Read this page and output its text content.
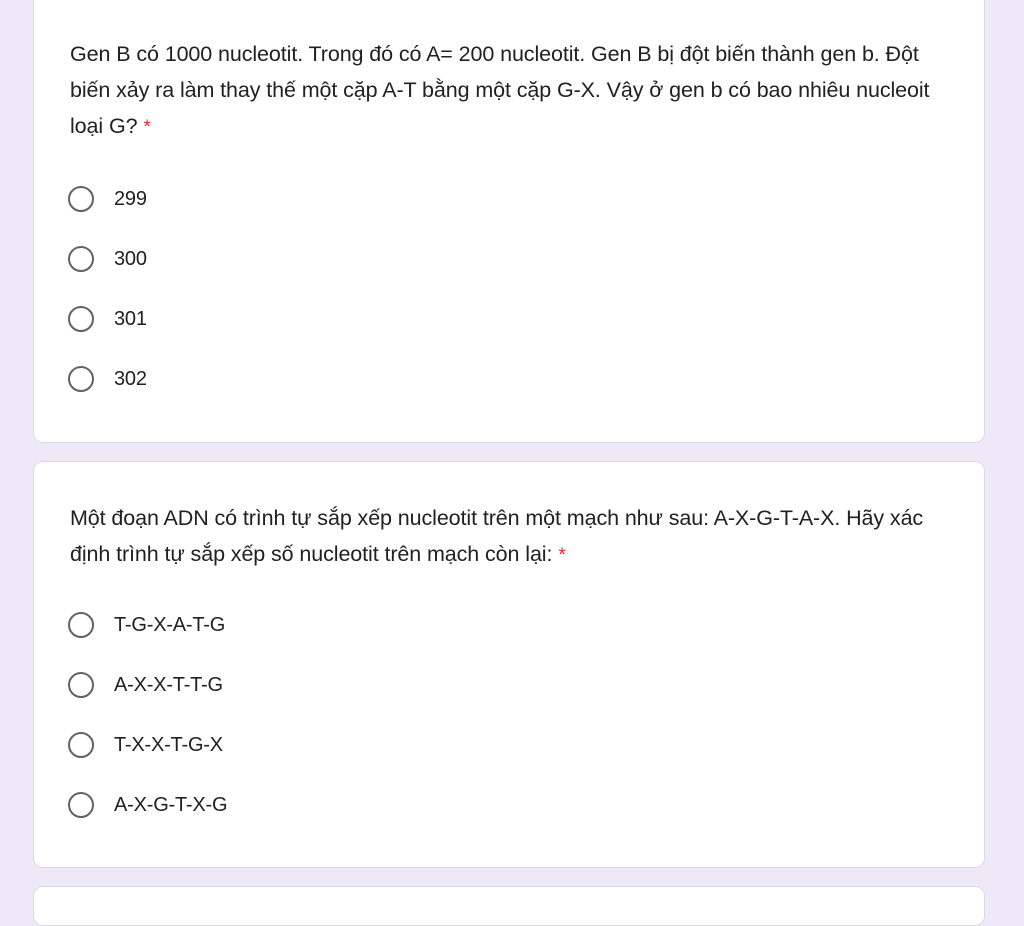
Gen B có 1000 nucleotit. Trong đó có A= 200 nucleotit. Gen B bị đột biến thành gen b. Đột biến xảy ra làm thay thế một cặp A-T bằng một cặp G-X. Vậy ở gen b có bao nhiêu nucleoit loại G? *

299
300
301
302

Một đoạn ADN có trình tự sắp xếp nucleotit trên một mạch như sau: A-X-G-T-A-X. Hãy xác định trình tự sắp xếp số nucleotit trên mạch còn lại: *

T-G-X-A-T-G
A-X-X-T-T-G
T-X-X-T-G-X
A-X-G-T-X-G
